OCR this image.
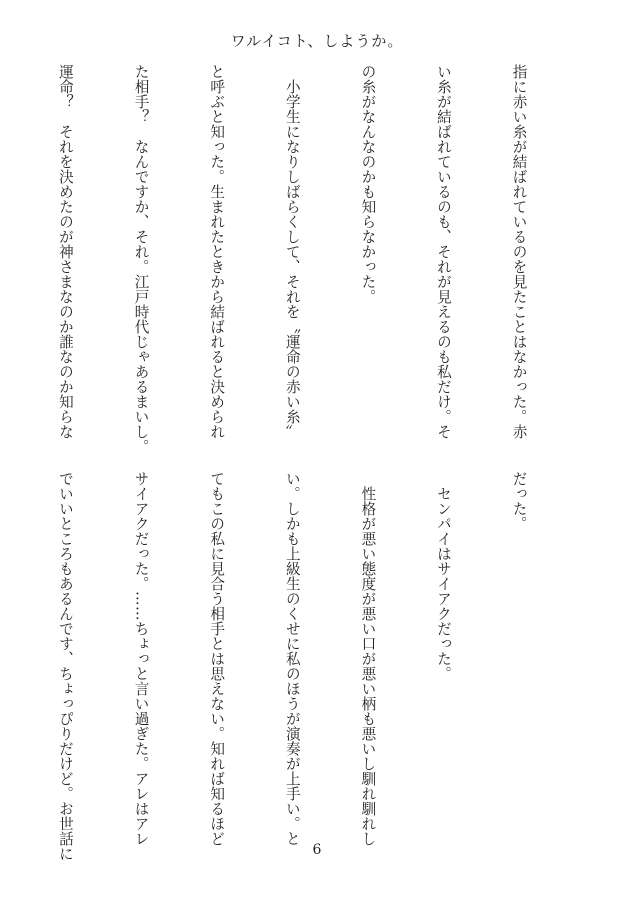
ワルイコト、しようか。

指に赤い糸が結ばれているのを見たことはなかった。赤

い糸が結ばれているのも、それが見えるのも私だけ。そ

の糸がなんなのかも知らなかった。

　小学生になりしばらくして、それを〝運命の赤い糸〟

と呼ぶと知った。生まれたときから結ばれると決められ

た相手？　なんですか、それ。江戸時代じゃあるまいし。

運命？　それを決めたのが神さまなのか誰なのか知らな

だった。

　センパイはサイアクだった。

　性格が悪い態度が悪い口が悪い柄も悪いし馴れ馴れし

い。しかも上級生のくせに私のほうが演奏が上手い。と

てもこの私に見合う相手とは思えない。知れば知るほど

サイアクだった。……ちょっと言い過ぎた。アレはアレ

でいいところもあるんです、ちょっぴりだけど。お世話に

	6
